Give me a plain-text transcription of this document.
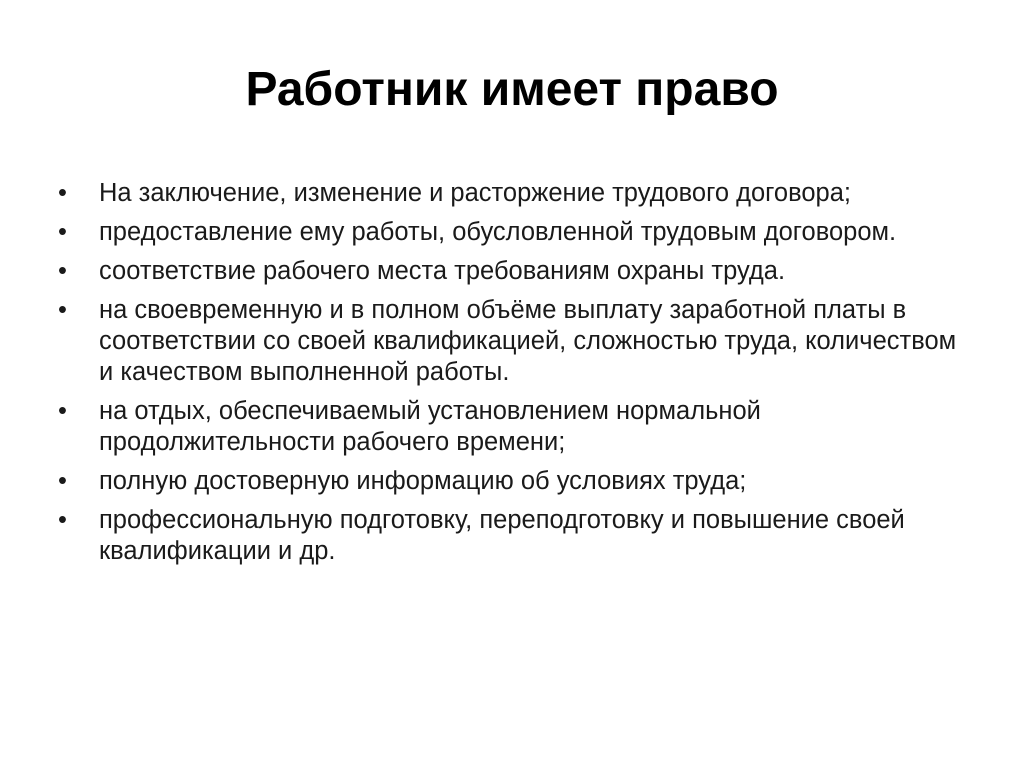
Работник имеет право
•	На заключение, изменение и расторжение трудового договора;
•	предоставление ему работы, обусловленной трудовым договором.
•	соответствие рабочего места требованиям охраны труда.
•	на своевременную и в полном объёме выплату заработной платы в соответствии со своей квалификацией, сложностью труда, количеством и качеством выполненной работы.
•	на отдых, обеспечиваемый установлением нормальной продолжительности рабочего времени;
•	полную достоверную информацию об условиях труда;
•	профессиональную подготовку, переподготовку и повышение своей квалификации и др.
